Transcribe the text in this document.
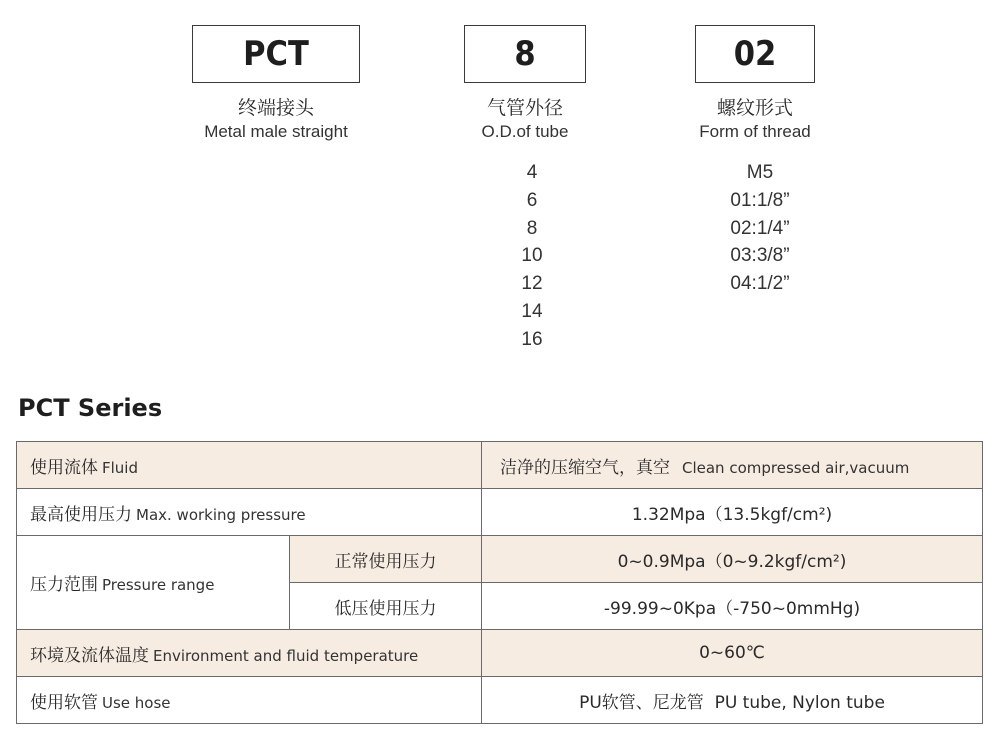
PCT
终端接头
Metal male straight
8
气管外径
O.D.of tube
02
螺纹形式
Form of thread
4
6
8
10
12
14
16
M5
01:1/8”
02:1/4”
03:3/8”
04:1/2”
PCT Series
使用流体 Fluid		洁净的压缩空气，真空 Clean compressed air,vacuum
最高使用压力 Max. working pressure		1.32Mpa（13.5kgf/cm²)
压力范围 Pressure range	正常使用压力	0~0.9Mpa（0~9.2kgf/cm²)
	低压使用压力	-99.99~0Kpa（-750~0mmHg)
环境及流体温度 Environment and fluid temperature		0~60℃
使用软管 Use hose		PU软管、尼龙管  PU tube, Nylon tube
